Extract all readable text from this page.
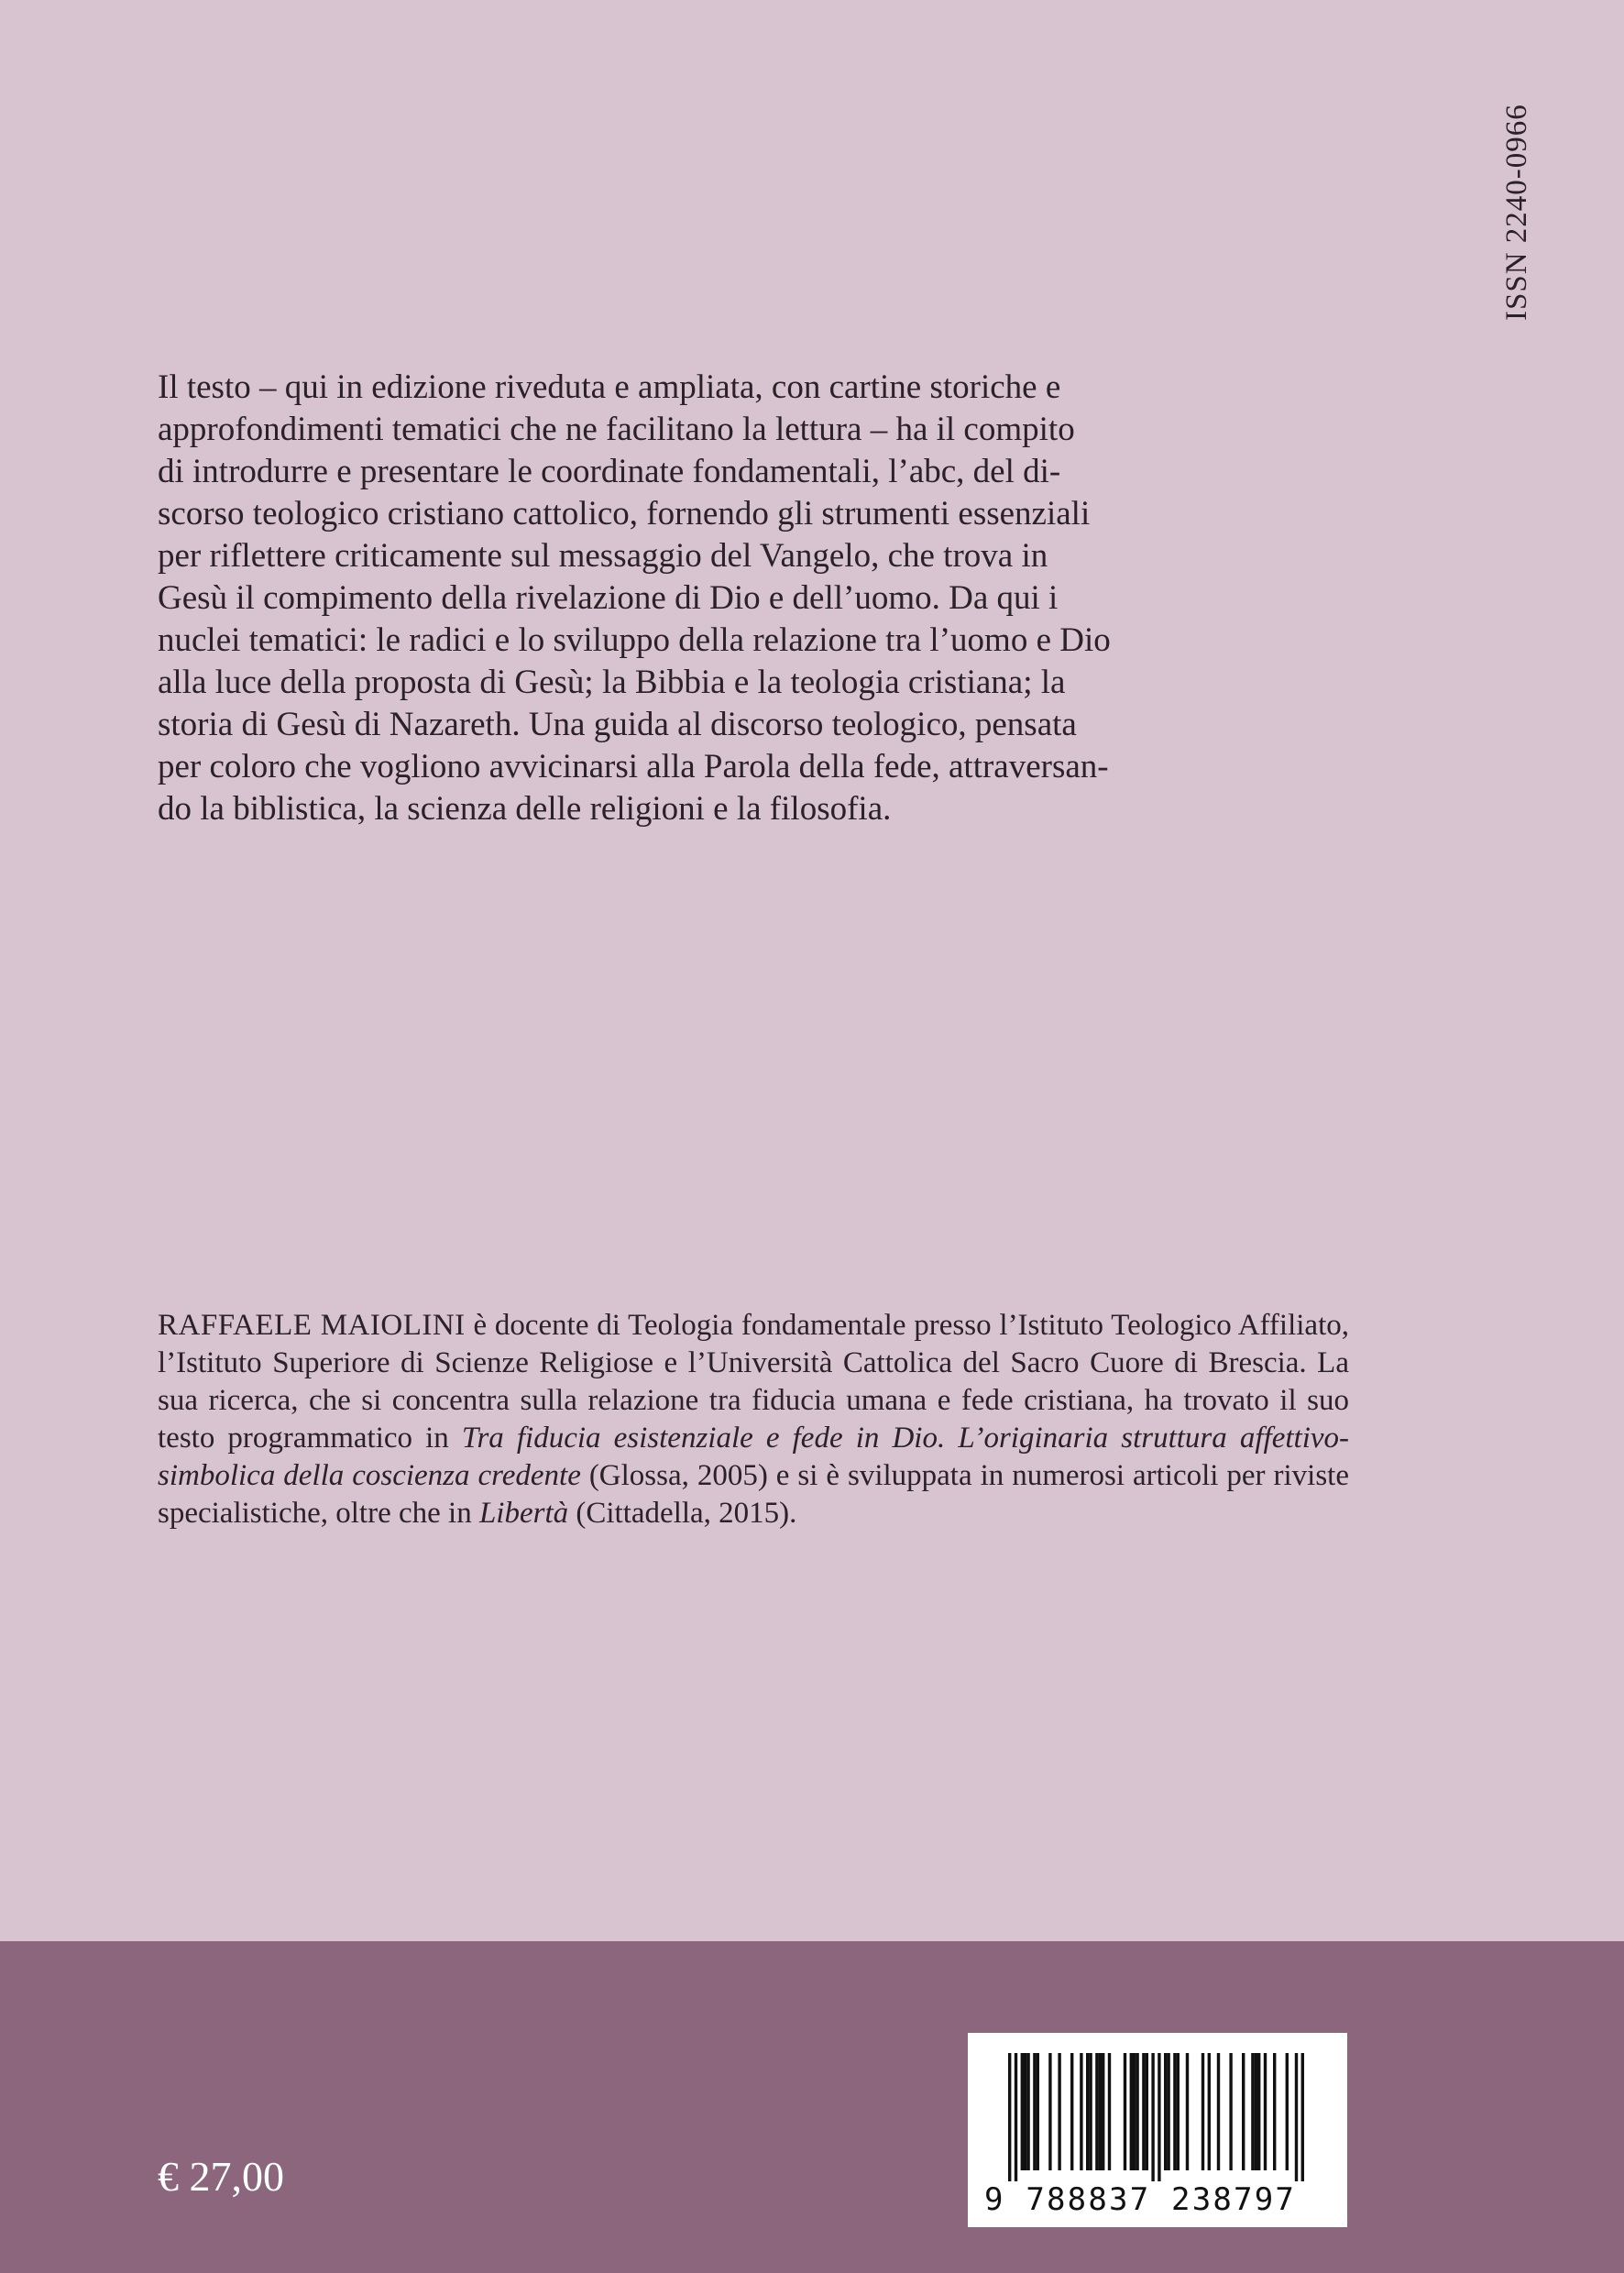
ISSN 2240-0966
Il testo – qui in edizione riveduta e ampliata, con cartine storiche e
approfondimenti tematici che ne facilitano la lettura – ha il compito
di introdurre e presentare le coordinate fondamentali, l’abc, del di-
scorso teologico cristiano cattolico, fornendo gli strumenti essenziali
per riflettere criticamente sul messaggio del Vangelo, che trova in
Gesù il compimento della rivelazione di Dio e dell’uomo. Da qui i
nuclei tematici: le radici e lo sviluppo della relazione tra l’uomo e Dio
alla luce della proposta di Gesù; la Bibbia e la teologia cristiana; la
storia di Gesù di Nazareth. Una guida al discorso teologico, pensata
per coloro che vogliono avvicinarsi alla Parola della fede, attraversan-
do la biblistica, la scienza delle religioni e la filosofia.
RAFFAELE MAIOLINI è docente di Teologia fondamentale presso l’Istituto Teologico Affiliato, l’Istituto Superiore di Scienze Religiose e l’Università Cattolica del Sacro Cuore di Brescia. La sua ricerca, che si concentra sulla relazione tra fiducia umana e fede cristiana, ha trovato il suo testo programmatico in Tra fiducia esistenziale e fede in Dio. L’originaria struttura affettivo-simbolica della coscienza credente (Glossa, 2005) e si è sviluppata in numerosi articoli per riviste specialistiche, oltre che in Libertà (Cittadella, 2015).
€ 27,00	9 788837 238797
